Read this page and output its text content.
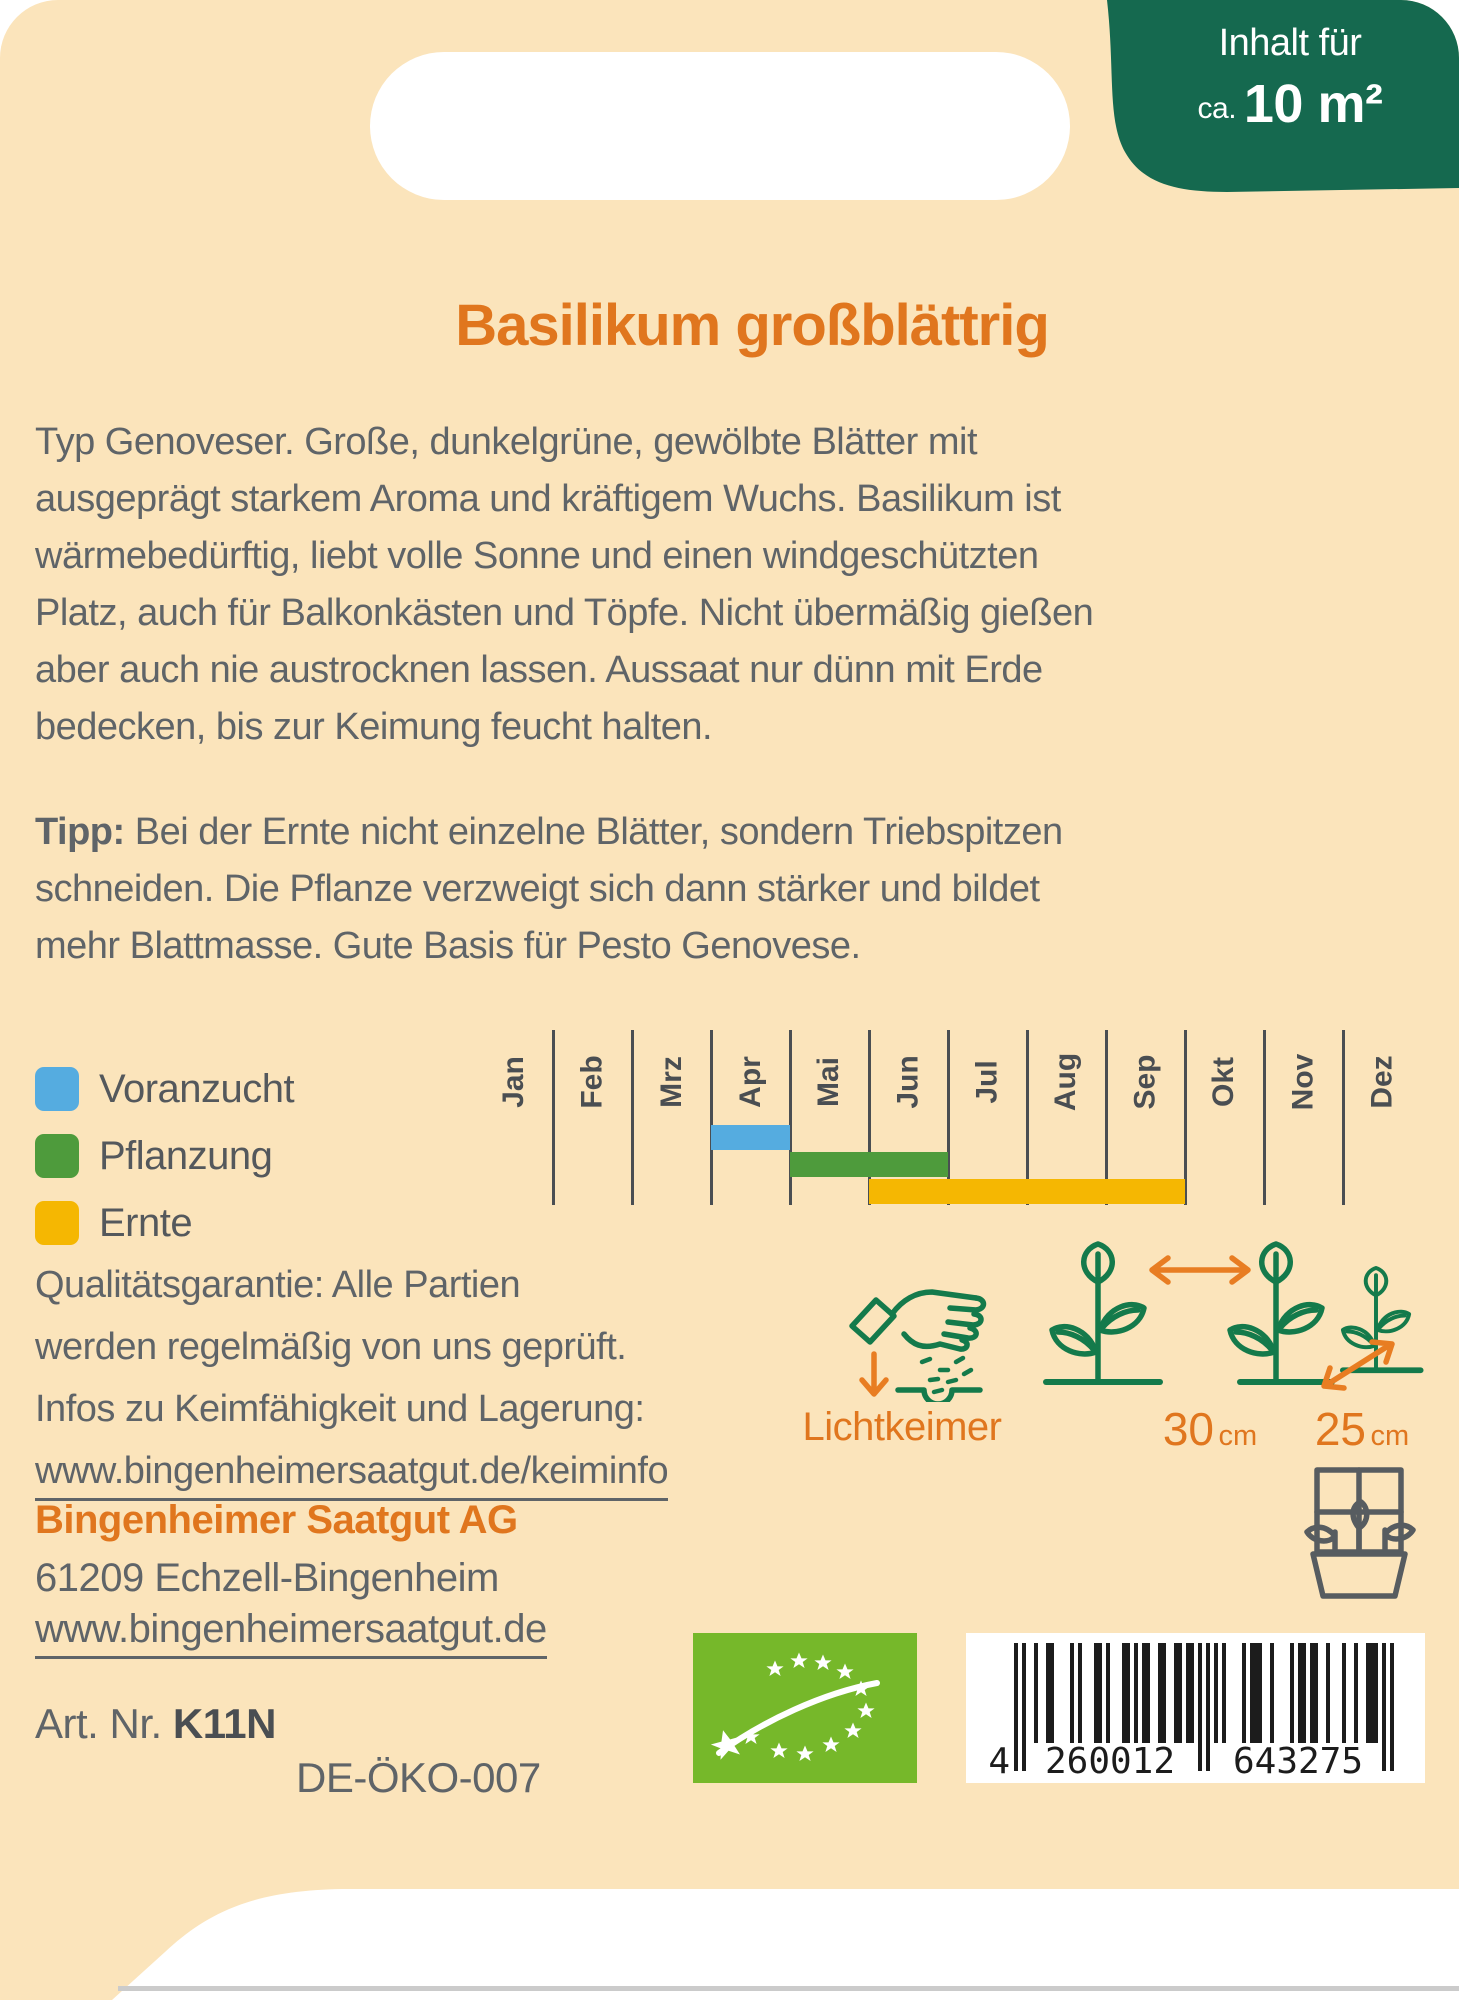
Inhalt für
ca. 10 m²
Basilikum großblättrig
Typ Genoveser. Große, dunkelgrüne, gewölbte Blätter mit
ausgeprägt starkem Aroma und kräftigem Wuchs. Basilikum ist
wärmebedürftig, liebt volle Sonne und einen windgeschützten
Platz, auch für Balkonkästen und Töpfe. Nicht übermäßig gießen
aber auch nie austrocknen lassen. Aussaat nur dünn mit Erde
bedecken, bis zur Keimung feucht halten.
Tipp: Bei der Ernte nicht einzelne Blätter, sondern Triebspitzen
schneiden. Die Pflanze verzweigt sich dann stärker und bildet
mehr Blattmasse. Gute Basis für Pesto Genovese.
Voranzucht
Pflanzung
Ernte
Jan Feb Mrz Apr Mai Jun Jul Aug Sep Okt Nov Dez
Qualitätsgarantie: Alle Partien
werden regelmäßig von uns geprüft.
Infos zu Keimfähigkeit und Lagerung:
www.bingenheimersaatgut.de/keiminfo
Lichtkeimer	30 cm 25 cm
Bingenheimer Saatgut AG
61209 Echzell-Bingenheim
www.bingenheimersaatgut.de
Art. Nr. K11N
DE-ÖKO-007	4 260012	643275
